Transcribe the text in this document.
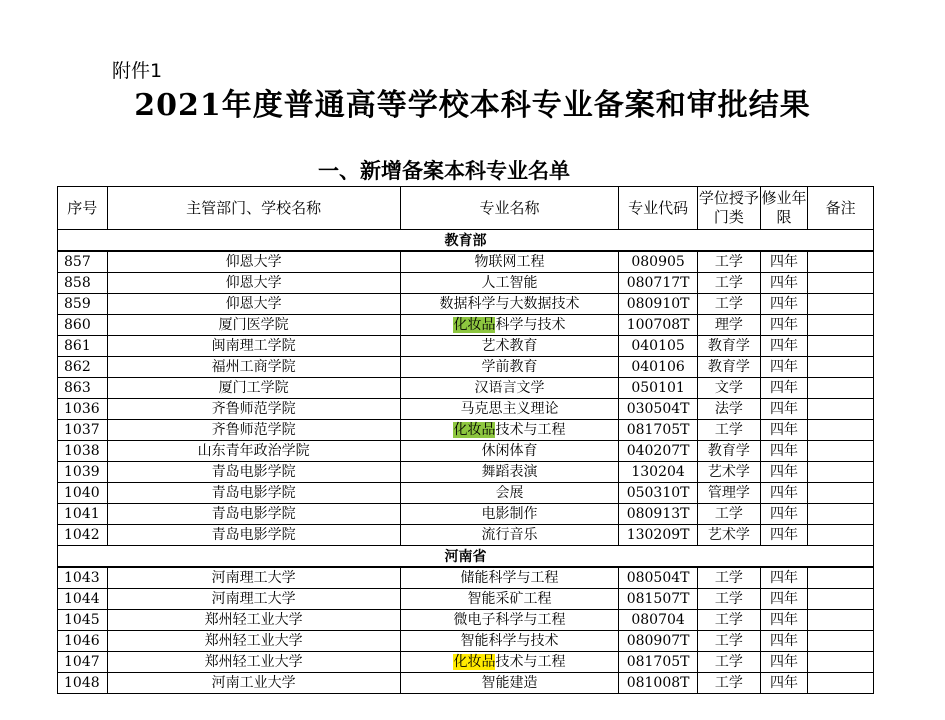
附件1
2021年度普通高等学校本科专业备案和审批结果
一、新增备案本科专业名单
序号	主管部门、学校名称	专业名称	专业代码	学位授予门类	修业年限	备注
教育部						
857	仰恩大学	物联网工程	080905	工学	四年	
858	仰恩大学	人工智能	080717T	工学	四年	
859	仰恩大学	数据科学与大数据技术	080910T	工学	四年	
860	厦门医学院	化妆品科学与技术	100708T	理学	四年	
861	闽南理工学院	艺术教育	040105	教育学	四年	
862	福州工商学院	学前教育	040106	教育学	四年	
863	厦门工学院	汉语言文学	050101	文学	四年	
1036	齐鲁师范学院	马克思主义理论	030504T	法学	四年	
1037	齐鲁师范学院	化妆品技术与工程	081705T	工学	四年	
1038	山东青年政治学院	休闲体育	040207T	教育学	四年	
1039	青岛电影学院	舞蹈表演	130204	艺术学	四年	
1040	青岛电影学院	会展	050310T	管理学	四年	
1041	青岛电影学院	电影制作	080913T	工学	四年	
1042	青岛电影学院	流行音乐	130209T	艺术学	四年	
河南省						
1043	河南理工大学	储能科学与工程	080504T	工学	四年	
1044	河南理工大学	智能采矿工程	081507T	工学	四年	
1045	郑州轻工业大学	微电子科学与工程	080704	工学	四年	
1046	郑州轻工业大学	智能科学与技术	080907T	工学	四年	
1047	郑州轻工业大学	化妆品技术与工程	081705T	工学	四年	
1048	河南工业大学	智能建造	081008T	工学	四年	
